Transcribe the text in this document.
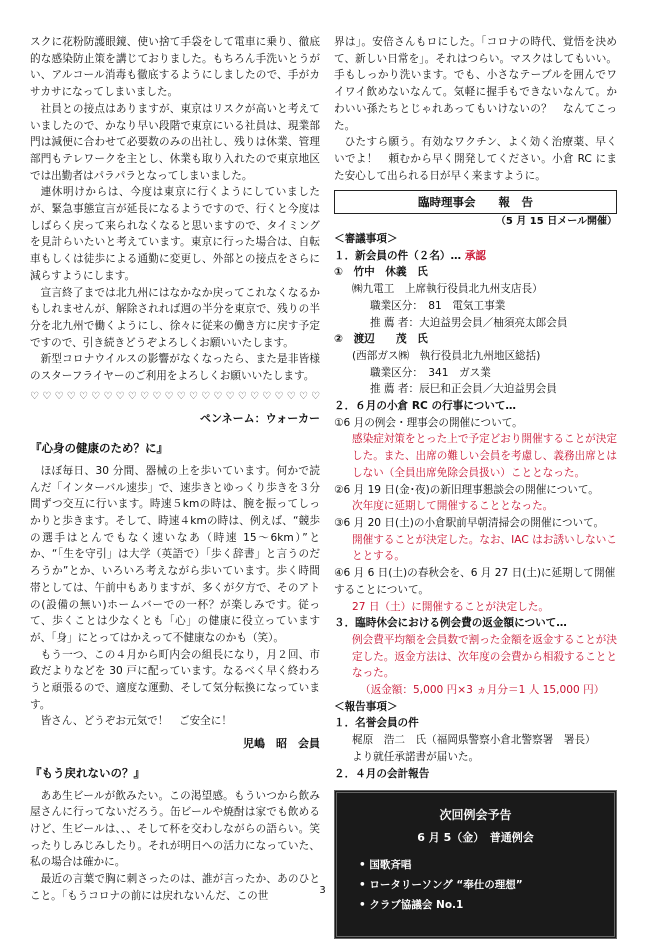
スクに花粉防護眼鏡、使い捨て手袋をして電車に乗り、徹底的な感染防止策を講じておりました。もちろん手洗いとうがい、アルコール消毒も徹底するようにしましたので、手がカサカサになってしまいました。

社員との接点はありますが、東京はリスクが高いと考えていましたので、かなり早い段階で東京にいる社員は、現業部門は減便に合わせて必要数のみの出社し、残りは休業、管理部門もテレワークを主とし、休業も取り入れたので東京地区では出勤者はパラパラとなってしまいました。

連休明けからは、今度は東京に行くようにしていましたが、緊急事態宣言が延長になるようですので、行くと今度はしばらく戻って来られなくなると思いますので、タイミングを見計らいたいと考えています。東京に行った場合は、自転車もしくは徒歩による通勤に変更し、外部との接点をさらに減らすようにします。

宣言終了までは北九州にはなかなか戻ってこれなくなるかもしれませんが、解除されれば週の半分を東京で、残りの半分を北九州で働くようにし、徐々に従来の働き方に戻す予定ですので、引き続きどうぞよろしくお願いいたします。

新型コロナウイルスの影響がなくなったら、また是非皆様のスターフライヤーのご利用をよろしくお願いいたします。

♡ ♡ ♡ ♡ ♡ ♡ ♡ ♡ ♡ ♡ ♡ ♡ ♡ ♡ ♡ ♡ ♡ ♡ ♡ ♡ ♡ ♡ ♡ ♡
ペンネーム：ウォーカー
『心身の健康のため？に』

ほぼ毎日、30 分間、器械の上を歩いています。何かで読んだ「インターバル速歩」で、速歩きとゆっくり歩きを３分間ずつ交互に行います。時速５kmの時は、腕を振ってしっかりと歩きます。そして、時速４kmの時は、例えば、“競歩の選手はとんでもなく速いなあ（時速 15〜6km）”とか、“「生を守引」は大学（英語で）「歩く辞書」と言うのだろうか”とか、いろいろ考えながら歩いています。歩く時間帯としては、午前中もありますが、多くが夕方で、そのアトの(設備の無い)ホームバーでの一杯？が楽しみです。従って、歩くことは少なくとも「心」の健康に役立っていますが、「身」にとってはかえって不健康なのかも（笑）。

もう一つ、この４月から町内会の組長になり，月２回、市政だよりなどを 30 戸に配っています。なるべく早く終わろうと頑張るので、適度な運動、そして気分転換になっています。

皆さん、どうぞお元気で！　ご安全に！

児嶋　昭　会員
『もう戻れないの？』

ああ生ビールが飲みたい。この渇望感。もういつから飲み屋さんに行ってないだろう。缶ビールや焼酎は家でも飲めるけど、生ビールは、、、そして杯を交わしながらの語らい。笑ったりしみじみしたり。それが明日への活力になっていた、私の場合は確かに。

最近の言葉で胸に刺さったのは、誰が言ったか、あのひとこと。「もうコロナの前には戻れないんだ、この世

界は」。安倍さんもロにした。「コロナの時代、覚悟を決めて、新しい日常を」。それはつらい。マスクはしてもいい。手もしっかり洗います。でも、小さなテーブルを囲んでワイワイ飲めないなんて。気軽に握手もできないなんて。かわいい孫たちとじゃれあってもいけないの？　なんてこった。

ひたすら願う。有効なワクチン、よく効く治療薬、早くいでよ！　頼むから早く開発してください。小倉 RC にまた安心して出られる日が早く来ますように。

臨時理事会　　報　告
（5 月 15 日メール開催）
＜審議事項＞
１．新会員の件（２名）… 承認
①　竹中　休義　氏
㈱九電工　上席執行役員北九州支店長）
職業区分：　81　電気工事業
推 薦 者：大迫益男会員／柚須亮太郎会員
②　渡辺　　茂　氏
(西部ガス㈱　執行役員北九州地区総括)
職業区分：　341　ガス業
推 薦 者：辰巳和正会員／大迫益男会員
２．６月の小倉 RC の行事について…
①6 月の例会・理事会の開催について。

感染症対策をとった上で予定どおり開催することが決定した。また、出席の難しい会員を考慮し、義務出席とはしない（全員出席免除会員扱い）こととなった。

②6 月 19 日(金･夜)の新旧理事懇談会の開催について。

次年度に延期して開催することとなった。

③6 月 20 日(土)の小倉駅前早朝清掃会の開催について。

開催することが決定した。なお、IAC はお誘いしないこととする。

④6 月 6 日(土)の春秋会を、6 月 27 日(土)に延期して開催することについて。

27 日（土）に開催することが決定した。

３．臨時休会における例会費の返金額について…

例会費平均額を会員数で割った金額を返金することが決定した。返金方法は、次年度の会費から相殺することとなった。

（返金額：5,000 円×3 ヵ月分＝1 人 15,000 円）
＜報告事項＞
１．名誉会員の件
梶原　浩二　氏（福岡県警察小倉北警察署　署長）
より就任承諾書が届いた。
２．４月の会計報告
次回例会予告
6 月 5（金）　普通例会
• 国歌斉唱
• ロータリーソング “奉仕の理想”
• クラブ協議会 No.1
3
